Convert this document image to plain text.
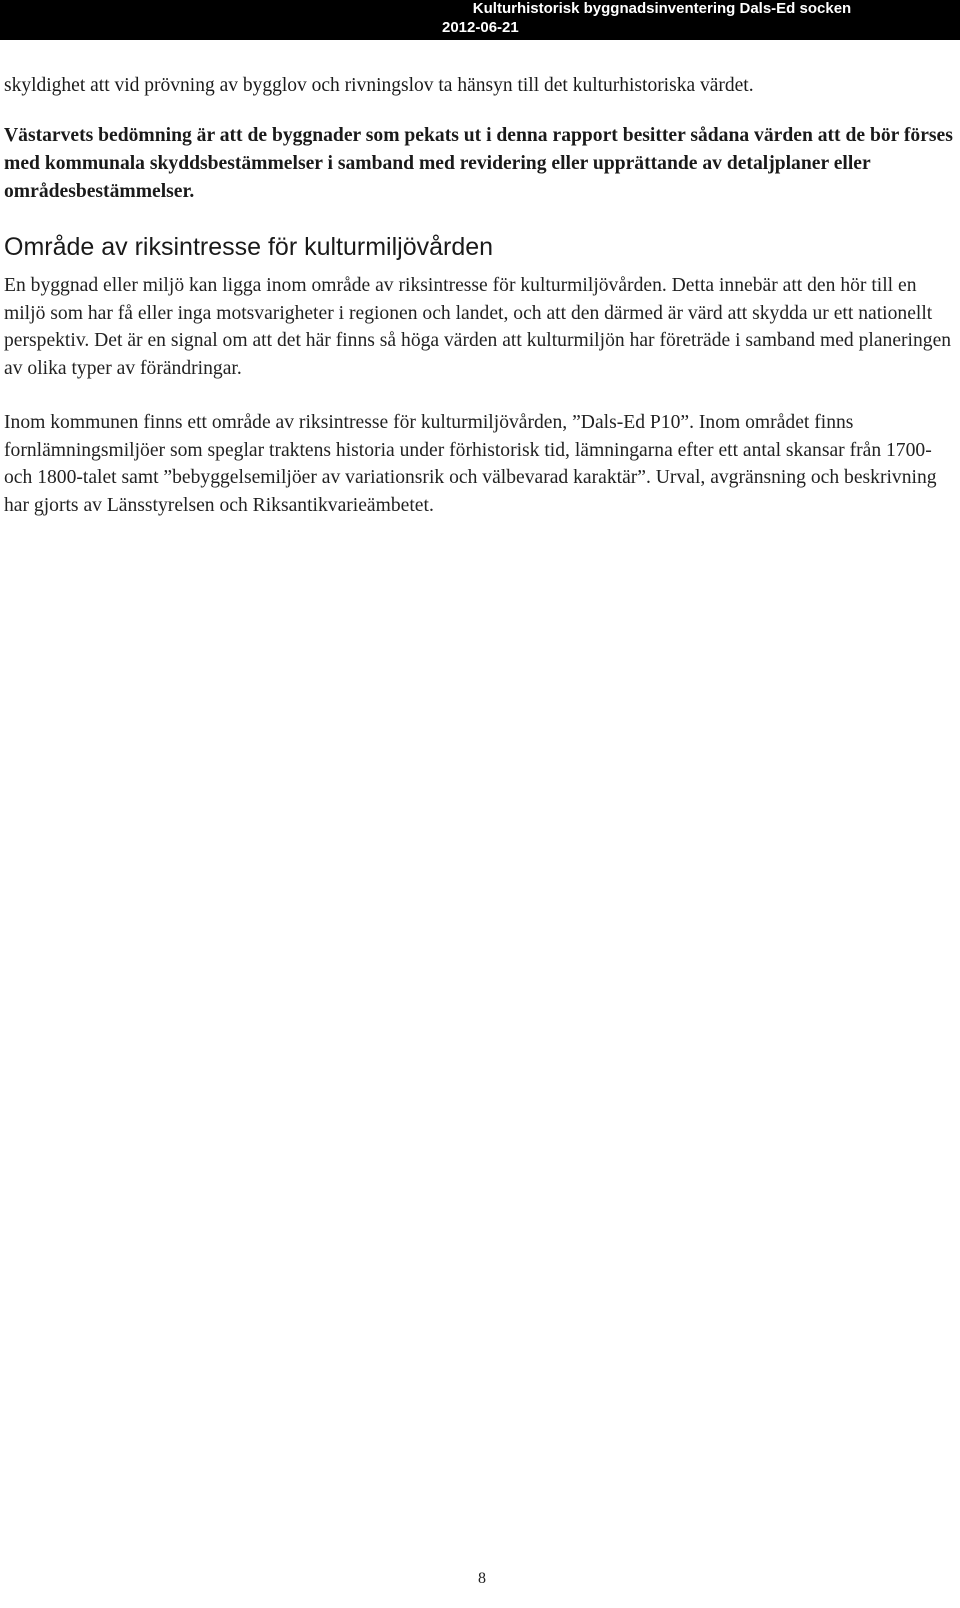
Kulturhistorisk byggnadsinventering Dals-Ed socken
2012-06-21

skyldighet att vid prövning av bygglov och rivningslov ta hänsyn till det kulturhistoriska värdet.

Västarvets bedömning är att de byggnader som pekats ut i denna rapport besitter sådana värden att de bör förses med kommunala skyddsbestämmelser i samband med revidering eller upprättande av detaljplaner eller områdesbestämmelser.

Område av riksintresse för kulturmiljövården

En byggnad eller miljö kan ligga inom område av riksintresse för kulturmiljövården. Detta innebär att den hör till en miljö som har få eller inga motsvarigheter i regionen och landet, och att den därmed är värd att skydda ur ett nationellt perspektiv. Det är en signal om att det här finns så höga värden att kulturmiljön har företräde i samband med planeringen av olika typer av förändringar.

Inom kommunen finns ett område av riksintresse för kulturmiljövården, ”Dals-Ed P10”. Inom området finns fornlämningsmiljöer som speglar traktens historia under förhistorisk tid, lämningarna efter ett antal skansar från 1700- och 1800-talet samt ”bebyggelsemiljöer av variationsrik och välbevarad karaktär”. Urval, avgränsning och beskrivning har gjorts av Länsstyrelsen och Riksantikvarieämbetet.

8
